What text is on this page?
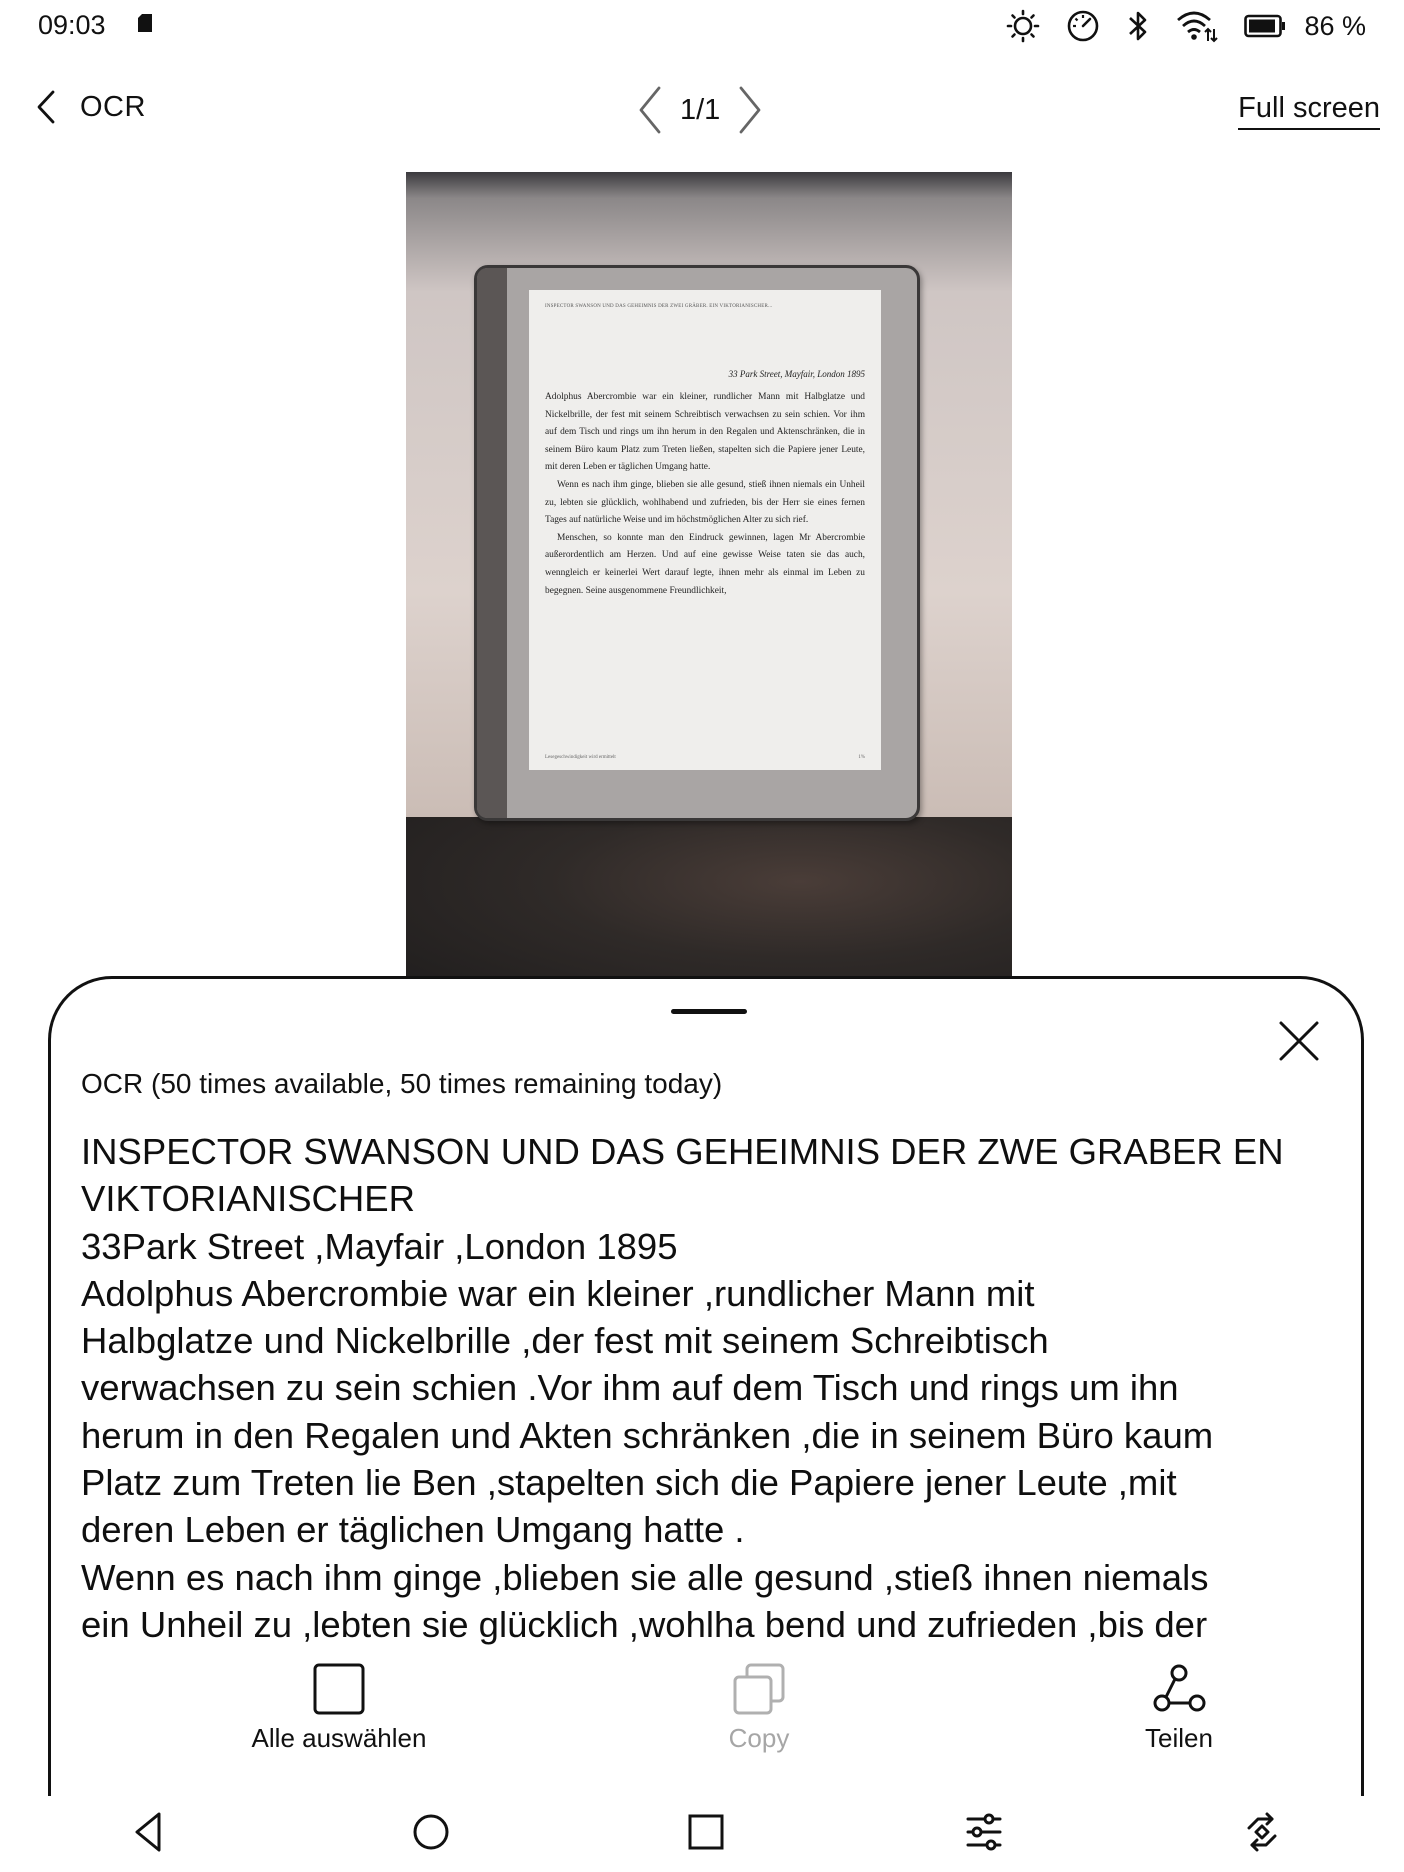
09:03	86 %
OCR	1/1	Full screen
INSPECTOR SWANSON UND DAS GEHEIMNIS DER ZWEI GRÄBER. EIN VIKTORIANISCHER...
33 Park Street, Mayfair, London 1895

Adolphus Abercrombie war ein kleiner, rundlicher Mann mit Halbglatze und Nickelbrille, der fest mit seinem Schreibtisch verwachsen zu sein schien. Vor ihm auf dem Tisch und rings um ihn herum in den Regalen und Aktenschränken, die in seinem Büro kaum Platz zum Treten ließen, stapelten sich die Papiere jener Leute, mit deren Leben er täglichen Umgang hatte.

Wenn es nach ihm ginge, blieben sie alle gesund, stieß ihnen niemals ein Unheil zu, lebten sie glücklich, wohlhabend und zufrieden, bis der Herr sie eines fernen Tages auf natürliche Weise und im höchstmöglichen Alter zu sich rief.

Menschen, so konnte man den Eindruck gewinnen, lagen Mr Abercrombie außerordentlich am Herzen. Und auf eine gewisse Weise taten sie das auch, wenngleich er keinerlei Wert darauf legte, ihnen mehr als einmal im Leben zu begegnen. Seine ausgenommene Freundlichkeit,

Lesegeschwindigkeit wird ermittelt	1%
OCR (50 times available, 50 times remaining today)
INSPECTOR SWANSON UND DAS GEHEIMNIS DER ZWE GRABER EN
VIKTORIANISCHER
33Park Street ,Mayfair ,London 1895
Adolphus Abercrombie war ein kleiner ,rundlicher Mann mit
Halbglatze und Nickelbrille ,der fest mit seinem Schreibtisch
verwachsen zu sein schien .Vor ihm auf dem Tisch und rings um ihn
herum in den Regalen und Akten schränken ,die in seinem Büro kaum
Platz zum Treten lie Ben ,stapelten sich die Papiere jener Leute ,mit
deren Leben er täglichen Umgang hatte .
Wenn es nach ihm ginge ,blieben sie alle gesund ,stieß ihnen niemals
ein Unheil zu ,lebten sie glücklich ,wohlha bend und zufrieden ,bis der
Alle auswählen	Copy	Teilen
